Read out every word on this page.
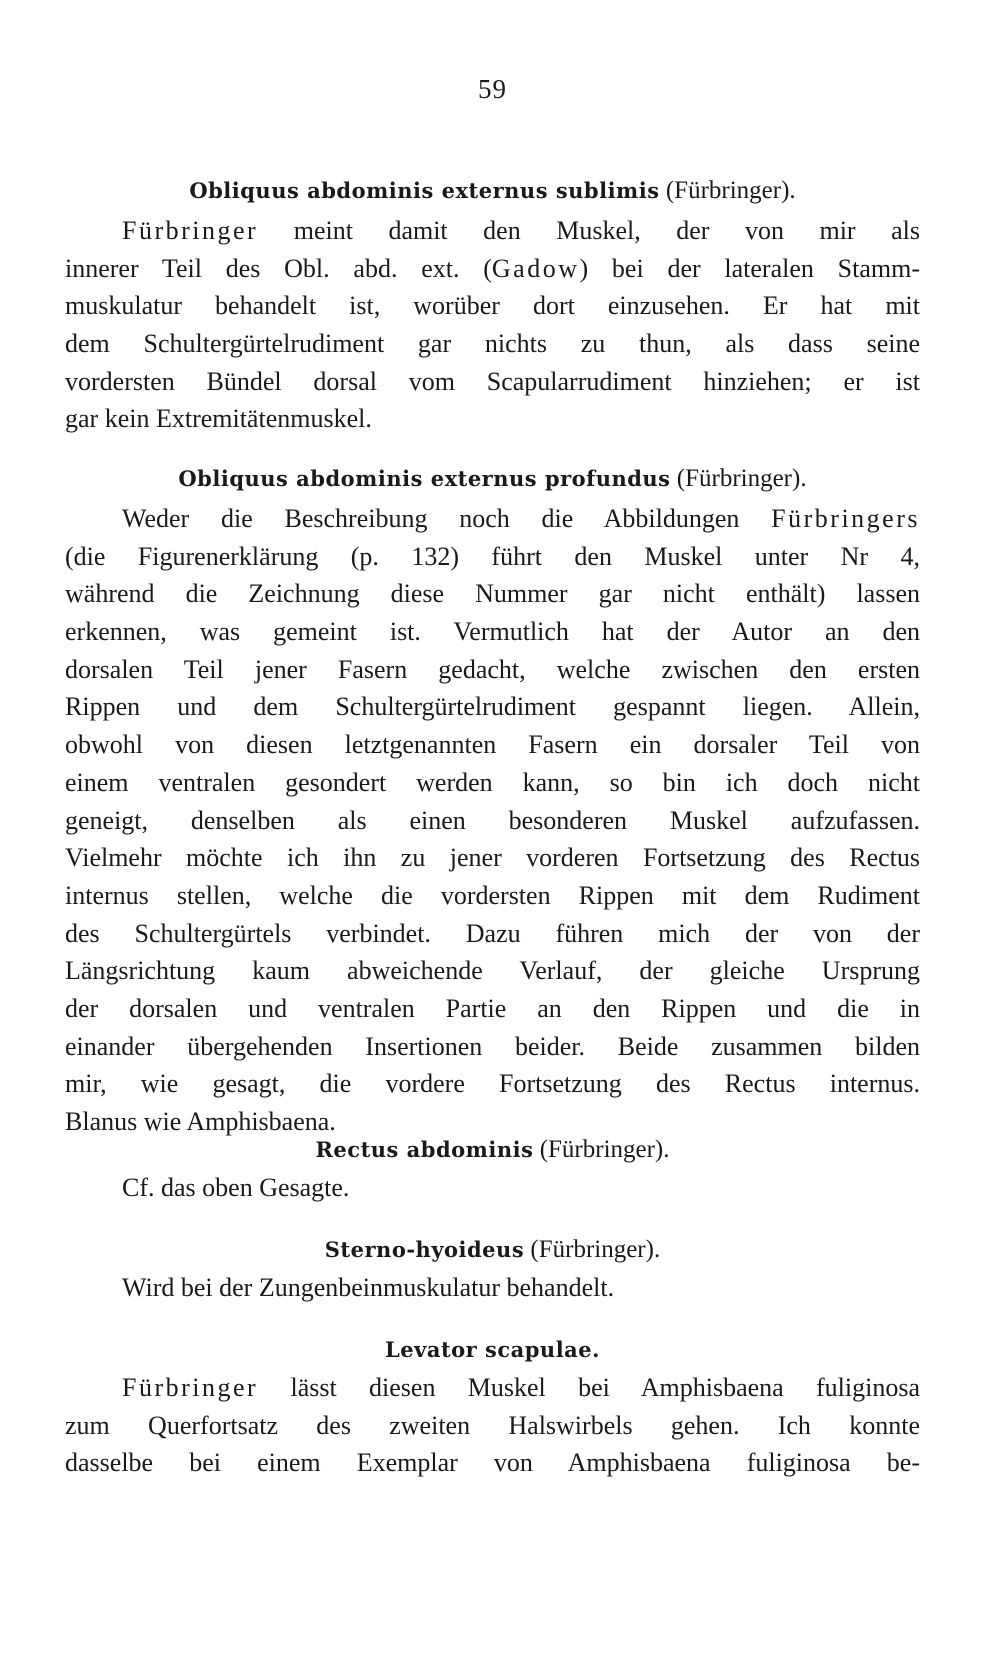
59
Obliquus abdominis externus sublimis (Fürbringer).
Fürbringer meint damit den Muskel, der von mir als
innerer Teil des Obl. abd. ext. (Gadow) bei der lateralen Stamm-
muskulatur behandelt ist, worüber dort einzusehen. Er hat mit
dem Schultergürtelrudiment gar nichts zu thun, als dass seine
vordersten Bündel dorsal vom Scapularrudiment hinziehen; er ist
gar kein Extremitätenmuskel.
Obliquus abdominis externus profundus (Fürbringer).
Weder die Beschreibung noch die Abbildungen Fürbringers
(die Figurenerklärung (p. 132) führt den Muskel unter Nr 4,
während die Zeichnung diese Nummer gar nicht enthält) lassen
erkennen, was gemeint ist. Vermutlich hat der Autor an den
dorsalen Teil jener Fasern gedacht, welche zwischen den ersten
Rippen und dem Schultergürtelrudiment gespannt liegen. Allein,
obwohl von diesen letztgenannten Fasern ein dorsaler Teil von
einem ventralen gesondert werden kann, so bin ich doch nicht
geneigt, denselben als einen besonderen Muskel aufzufassen.
Vielmehr möchte ich ihn zu jener vorderen Fortsetzung des Rectus
internus stellen, welche die vordersten Rippen mit dem Rudiment
des Schultergürtels verbindet. Dazu führen mich der von der
Längsrichtung kaum abweichende Verlauf, der gleiche Ursprung
der dorsalen und ventralen Partie an den Rippen und die in
einander übergehenden Insertionen beider. Beide zusammen bilden
mir, wie gesagt, die vordere Fortsetzung des Rectus internus.
Blanus wie Amphisbaena.
Rectus abdominis (Fürbringer).
Cf. das oben Gesagte.
Sterno-hyoideus (Fürbringer).
Wird bei der Zungenbeinmuskulatur behandelt.
Levator scapulae.
Fürbringer lässt diesen Muskel bei Amphisbaena fuliginosa
zum Querfortsatz des zweiten Halswirbels gehen. Ich konnte
dasselbe bei einem Exemplar von Amphisbaena fuliginosa be-
